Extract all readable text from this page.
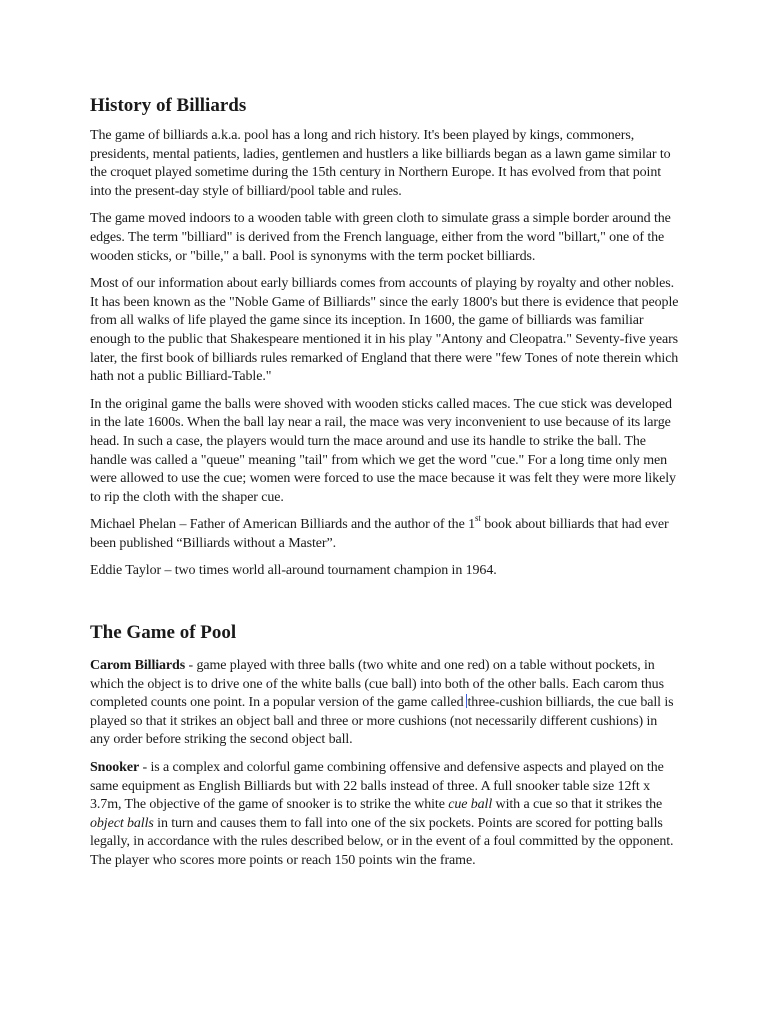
History of Billiards

The game of billiards a.k.a. pool has a long and rich history. It's been played by kings, commoners, presidents, mental patients, ladies, gentlemen and hustlers a like billiards began as a lawn game similar to the croquet played sometime during the 15th century in Northern Europe. It has evolved from that point into the present-day style of billiard/pool table and rules.

The game moved indoors to a wooden table with green cloth to simulate grass a simple border around the edges. The term "billiard" is derived from the French language, either from the word "billart," one of the wooden sticks, or "bille," a ball. Pool is synonyms with the term pocket billiards.

Most of our information about early billiards comes from accounts of playing by royalty and other nobles. It has been known as the "Noble Game of Billiards" since the early 1800's but there is evidence that people from all walks of life played the game since its inception. In 1600, the game of billiards was familiar enough to the public that Shakespeare mentioned it in his play "Antony and Cleopatra." Seventy-five years later, the first book of billiards rules remarked of England that there were "few Tones of note therein which hath not a public Billiard-Table."

In the original game the balls were shoved with wooden sticks called maces. The cue stick was developed in the late 1600s. When the ball lay near a rail, the mace was very inconvenient to use because of its large head. In such a case, the players would turn the mace around and use its handle to strike the ball. The handle was called a "queue" meaning "tail" from which we get the word "cue." For a long time only men were allowed to use the cue; women were forced to use the mace because it was felt they were more likely to rip the cloth with the shaper cue.

Michael Phelan – Father of American Billiards and the author of the 1st book about billiards that had ever been published “Billiards without a Master”.

Eddie Taylor – two times world all-around tournament champion in 1964.

The Game of Pool

Carom Billiards - game played with three balls (two white and one red) on a table without pockets, in which the object is to drive one of the white balls (cue ball) into both of the other balls. Each carom thus completed counts one point. In a popular version of the game called three-cushion billiards, the cue ball is played so that it strikes an object ball and three or more cushions (not necessarily different cushions) in any order before striking the second object ball.

Snooker - is a complex and colorful game combining offensive and defensive aspects and played on the same equipment as English Billiards but with 22 balls instead of three. A full snooker table size 12ft x 3.7m, The objective of the game of snooker is to strike the white cue ball with a cue so that it strikes the object balls in turn and causes them to fall into one of the six pockets. Points are scored for potting balls legally, in accordance with the rules described below, or in the event of a foul committed by the opponent. The player who scores more points or reach 150 points win the frame.
